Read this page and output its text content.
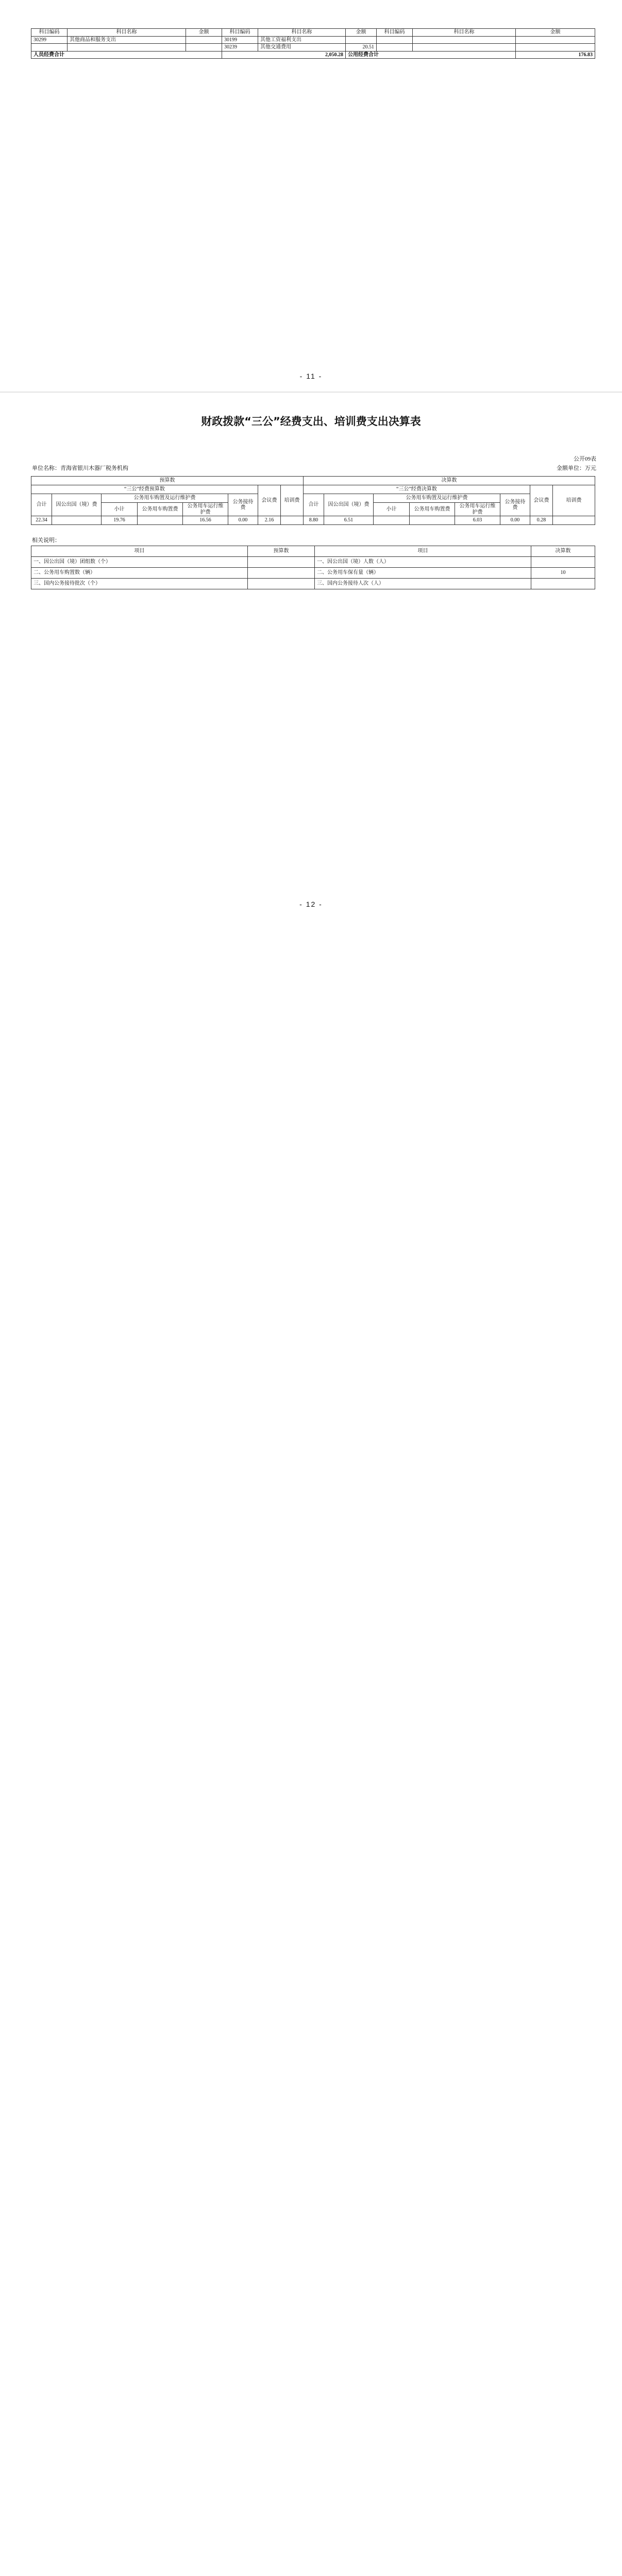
科目编码	科目名称	金额	科目编码	科目名称	金额	科目编码	科目名称	金额
30299	其他商品和服务支出		30199	其他工资福利支出				
			30239	其他交通费用	20.51			
人员经费合计			2,050.28		公用经费合计			176.83
- 11 -
财政拨款“三公”经费支出、培训费支出决算表
公开09表
单位名称：青海省银川木器厂税务机构	金额单位：万元
预算数								决算数							
“三公”经费预算数						会议费	培训费	“三公”经费决算数						会议费	培训费
合计	因公出国（境）费	公务用车购置及运行维护费			公务接待费			合计	因公出国（境）费	公务用车购置及运行维护费			公务接待费		
		小计	公务用车购置费	公务用车运行维护费						小计	公务用车购置费	公务用车运行维护费			
22.34		19.76		16.56	0.00	2.16		8.80	6.51			6.03	0.00	0.28	
相关说明：
项目	预算数	项目	决算数
一、因公出国（境）团组数（个）		一、因公出国（境）人数（人）	
二、公务用车购置数（辆）		二、公务用车保有量（辆）	10
三、国内公务接待批次（个）		三、国内公务接待人次（人）	
- 12 -
